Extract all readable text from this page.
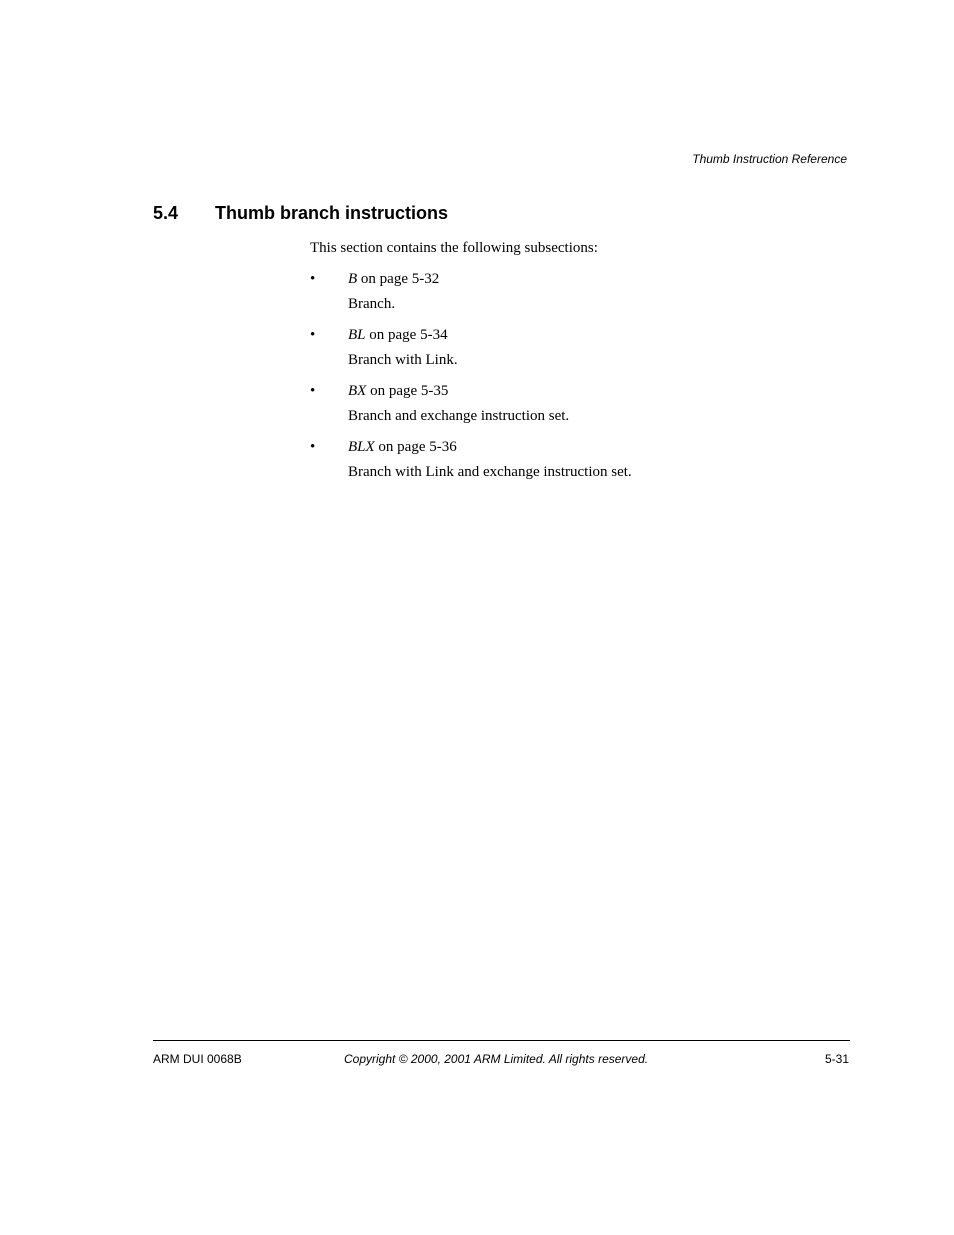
Thumb Instruction Reference
5.4 Thumb branch instructions
This section contains the following subsections:
• B on page 5-32
Branch.
• BL on page 5-34
Branch with Link.
• BX on page 5-35
Branch and exchange instruction set.
• BLX on page 5-36
Branch with Link and exchange instruction set.
ARM DUI 0068B	Copyright © 2000, 2001 ARM Limited. All rights reserved.	5-31
